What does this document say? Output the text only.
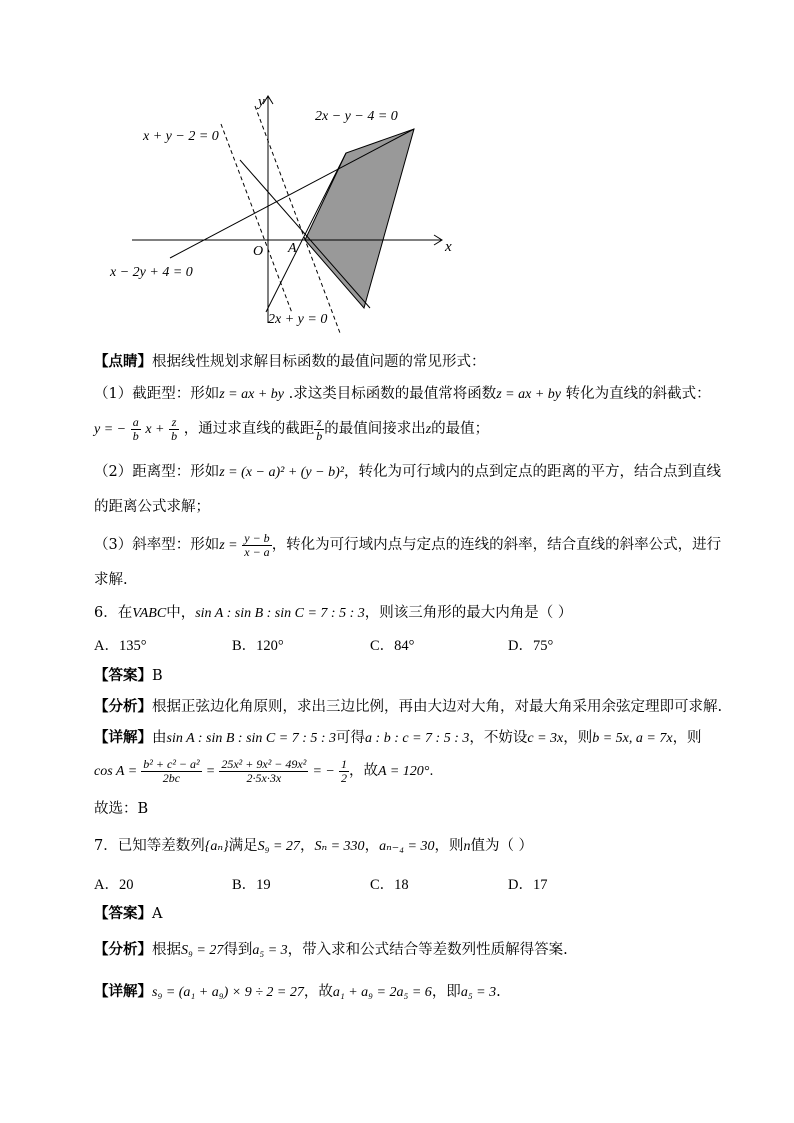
y
x
O A
x + y − 2 = 0
2x − y − 4 = 0
x − 2y + 4 = 0
2x + y = 0
【点睛】根据线性规划求解目标函数的最值问题的常见形式：
（1）截距型：形如z = ax + by .求这类目标函数的最值常将函数z = ax + by 转化为直线的斜截式：
y = − $\frac{a}{b}$ $x + \frac{z}{b}$ ，通过求直线的截距 $\frac{z}{b}$ 的最值间接求出z的最值；
（2）距离型：形如z = (x − a)² + (y − b)²，转化为可行域内的点到定点的距离的平方，结合点到直线
的距离公式求解；
（3）斜率型：形如$z = \frac{y - b}{x - a}$ ，转化为可行域内点与定点的连线的斜率，结合直线的斜率公式，进行
求解.
6．在VABC中，sin A : sin B : sin C = 7 : 5 : 3，则该三角形的最大内角是（ ）
A．135°	B．120°	C．84°	D．75°
【答案】B
【分析】根据正弦边化角原则，求出三边比例，再由大边对大角，对最大角采用余弦定理即可求解.
【详解】由sin A : sin B : sin C = 7 : 5 : 3可得a : b : c = 7 : 5 : 3，不妨设c = 3x，则b = 5x, a = 7x，则
$\cos A = \frac{\text{b² + c² − a²}}{2bc} = \frac{\text{25x² + 9x² − 49x²}}{2\cdot 5x\cdot 3x}$ = − $\frac{1}{2}$ ，故A = 120°.
故选：B
7．已知等差数列{aₙ}满足S₉ = 27，Sₙ = 330，aₙ₋₄ = 30，则n值为（ ）
A．20	B．19	C．18	D．17
【答案】A
【分析】根据S₉ = 27得到a₅ = 3，带入求和公式结合等差数列性质解得答案.
【详解】s₉ = (a₁ + a₉) × 9 ÷ 2 = 27，故a₁ + a₉ = 2a₅ = 6，即a₅ = 3.
